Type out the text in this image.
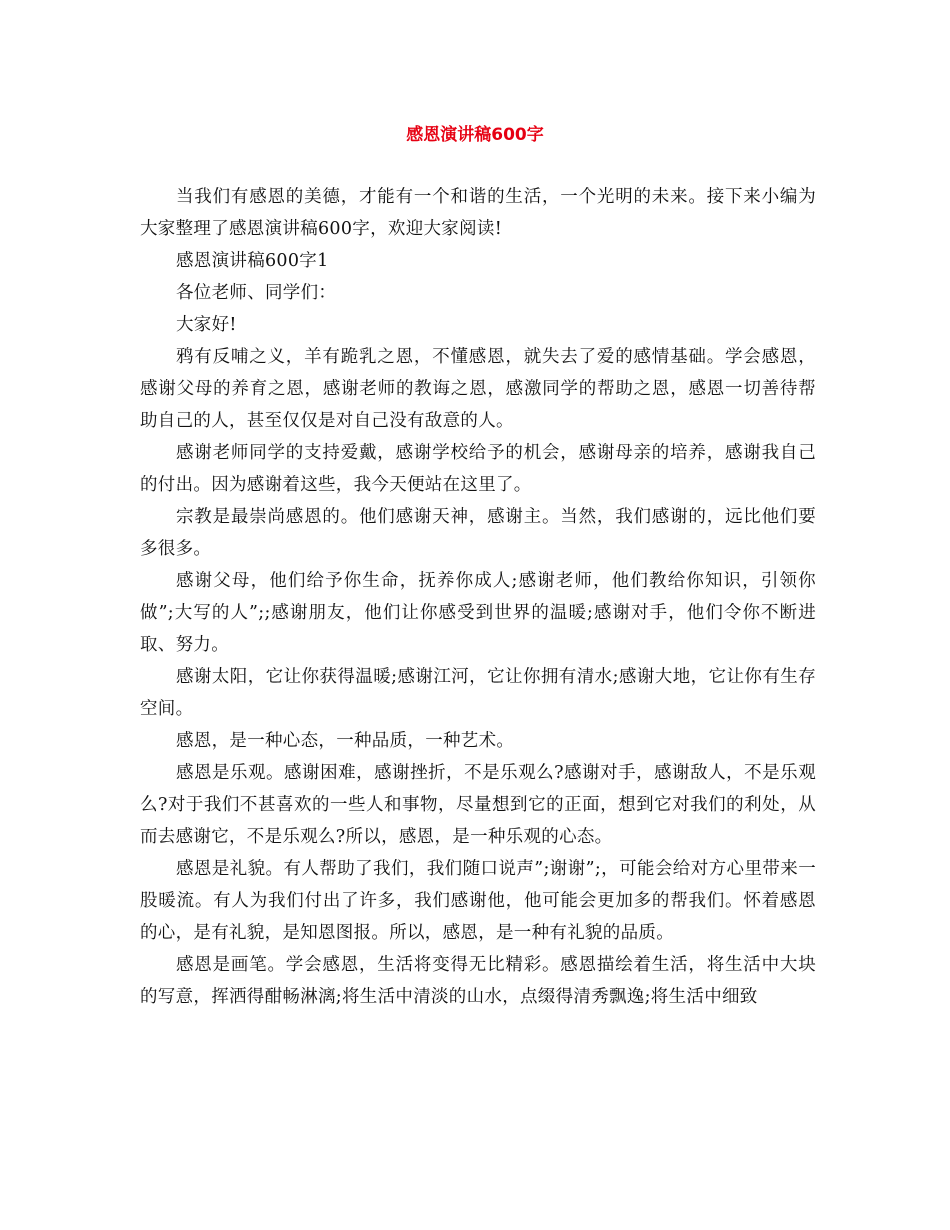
感恩演讲稿600字

当我们有感恩的美德，才能有一个和谐的生活，一个光明的未来。接下来小编为大家整理了感恩演讲稿600字，欢迎大家阅读!

感恩演讲稿600字1

各位老师、同学们：

大家好!

鸦有反哺之义，羊有跪乳之恩，不懂感恩，就失去了爱的感情基础。学会感恩，感谢父母的养育之恩，感谢老师的教诲之恩，感激同学的帮助之恩，感恩一切善待帮助自己的人，甚至仅仅是对自己没有敌意的人。

感谢老师同学的支持爱戴，感谢学校给予的机会，感谢母亲的培养，感谢我自己的付出。因为感谢着这些，我今天便站在这里了。

宗教是最崇尚感恩的。他们感谢天神，感谢主。当然，我们感谢的，远比他们要多很多。

感谢父母，他们给予你生命，抚养你成人;感谢老师，他们教给你知识，引领你做”;大写的人”;;感谢朋友，他们让你感受到世界的温暖;感谢对手，他们令你不断进取、努力。

感谢太阳，它让你获得温暖;感谢江河，它让你拥有清水;感谢大地，它让你有生存空间。

感恩，是一种心态，一种品质，一种艺术。

感恩是乐观。感谢困难，感谢挫折，不是乐观么?感谢对手，感谢敌人，不是乐观么?对于我们不甚喜欢的一些人和事物，尽量想到它的正面，想到它对我们的利处，从而去感谢它，不是乐观么?所以，感恩，是一种乐观的心态。

感恩是礼貌。有人帮助了我们，我们随口说声”;谢谢”;，可能会给对方心里带来一股暖流。有人为我们付出了许多，我们感谢他，他可能会更加多的帮我们。怀着感恩的心，是有礼貌，是知恩图报。所以，感恩，是一种有礼貌的品质。

感恩是画笔。学会感恩，生活将变得无比精彩。感恩描绘着生活，将生活中大块的写意，挥洒得酣畅淋漓;将生活中清淡的山水，点缀得清秀飘逸;将生活中细致
